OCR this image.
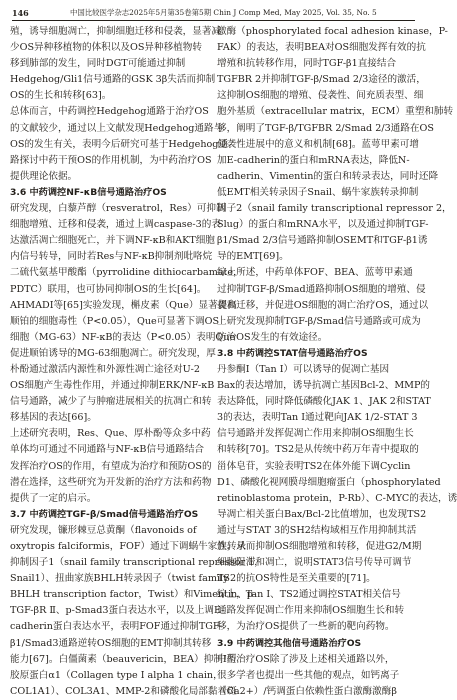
146	中国比较医学杂志2025年5月第35卷第5期 Chin J Comp Med, May 2025, Vol. 35, No. 5
殖，诱导细胞凋亡，抑制细胞迁移和侵袭，显著减
少OS异种移植物的体积以及OS异种移植物转
移到肺部的发生，同时DGT可能通过抑制
Hedgehog/Gli1信号通路的GSK 3β失活而抑制
OS的生长和转移[63]。
总体而言，中药调控Hedgehog通路于治疗OS
的文献较少，通过以上文献发现Hedgehog通路与
OS的发生有关，表明今后研究可基于Hedgehog通
路探讨中药干预OS的作用机制，为中药治疗OS
提供理论依据。
3.6 中药调控NF-κB信号通路治疗OS
研究发现，白藜芦醇（resveratrol，Res）可抑制
细胞增殖、迁移和侵袭，通过上调caspase-3的表
达激活凋亡细胞死亡，并下调NF-κB和AKT细胞
内信号转导，同时若Res与NF-κB抑制剂吡咯烷
二硫代氨基甲酸酯（pyrrolidine dithiocarbamate，
PDTC）联用，也可协同抑制OS的生长[64]。
AHMADI等[65]实验发现，槲皮素（Que）显著提高
顺铂的细胞毒性（P<0.05），Que可显著下调OS
细胞（MG-63）NF-κB的表达（P<0.05）表明Que
促进顺铂诱导的MG-63细胞凋亡。研究发现，厚
朴酚通过激活内源性和外源性凋亡途径对U-2
OS细胞产生毒性作用，并通过抑制ERK/NF-κB
信号通路，减少了与肿瘤进展相关的抗凋亡和转
移基因的表达[66]。
上述研究表明，Res、Que、厚朴酚等众多中药
单体均可通过不同通路与NF-κB信号通路结合
发挥治疗OS的作用，有望成为治疗和预防OS的
潜在选择，这些研究为开发新的治疗方法和药物
提供了一定的启示。
3.7 中药调控TGF-β/Smad信号通路治疗OS
研究发现，镰形棘豆总黄酮（flavonoids of
oxytropis falciformis，FOF）通过下调蜗牛家族转录
抑制因子1（snail family transcriptional repressor 1，
Snail1）、扭曲家族BHLH转录因子（twist family
BHLH transcription factor，Twist）和Vimentin、p-
TGF-βR Ⅱ、p-Smad3蛋白表达水平，以及上调E-
cadherin蛋白表达水平，表明FOF通过抑制TGF-
β1/Smad3通路逆转OS细胞的EMT抑制其转移
能力[67]。白僵菌素（beauvericin，BEA）抑制Ⅰ型
胶原蛋白α1（Collagen type Ⅰ alpha 1 chain，
COL1A1）、COL3A1、MMP-2和磷酸化局部黏着斑
激酶（phosphorylated focal adhesion kinase，P-
FAK）的表达，表明BEA对OS细胞发挥有效的抗
增殖和抗转移作用，同时TGF-β1直接结合
TGFBR 2并抑制TGF-β/Smad 2/3途径的激活，
这抑制OS细胞的增殖、侵袭性、间充质表型、细
胞外基质（extracellular matrix，ECM）重塑和肺转
移，阐明了TGF-β/TGFBR 2/Smad 2/3通路在OS
侵袭性进展中的意义和机制[68]。蓝萼甲素可增
加E-cadherin的蛋白和mRNA表达，降低N-
cadherin、Vimentin的蛋白和转录表达，同时还降
低EMT相关转录因子Snail、蜗牛家族转录抑制
因子2（snail family transcriptional repressor 2，
Slug）的蛋白和mRNA水平，以及通过抑制TGF-
β1/Smad 2/3信号通路抑制OSEMT和TGF-β1诱
导的EMT[69]。
综上所述，中药单体FOF、BEA、蓝萼甲素通
过抑制TGF-β/Smad通路抑制OS细胞的增殖、侵
袭和迁移，并促进OS细胞的凋亡治疗OS，通过以
上研究发现抑制TGF-β/Smad信号通路或可成为
防治OS发生的有效途径。
3.8 中药调控STAT信号通路治疗OS
丹参酮Ⅰ（Tan Ⅰ）可以诱导的促凋亡基因
Bax的表达增加，诱导抗凋亡基因Bcl-2、MMP的
表达降低，同时降低磷酸化JAK 1、JAK 2和STAT
3的表达，表明Tan Ⅰ通过靶向JAK 1/2-STAT 3
信号通路并发挥促凋亡作用来抑制OS细胞生长
和转移[70]。TS2是从传统中药万年青中提取的
甾体皂苷，实验表明TS2在体外能下调Cyclin
D1、磷酸化视网膜母细胞瘤蛋白（phosphorylated
retinoblastoma protein，P-Rb）、C-MYC的表达，诱
导凋亡相关蛋白Bax/Bcl-2比值增加，也发现TS2
通过与STAT 3的SH2结构域相互作用抑制其活
性，从而抑制OS细胞增殖和转移，促进G2/M期
细胞阻滞和凋亡，说明STAT3信号传导可调节
TS2的抗OS特性是至关重要的[71]。
综上，Tan Ⅰ、TS2通过调控STAT相关信号
通路发挥促凋亡作用来抑制OS细胞生长和转
移，为治疗OS提供了一些新的靶向药物。
3.9 中药调控其他信号通路治疗OS
中药治疗OS除了涉及上述相关通路以外，
很多学者也提出一些其他的观点，如钙离子
（Ca2+）/钙调蛋白依赖性蛋白激酶激酶β
